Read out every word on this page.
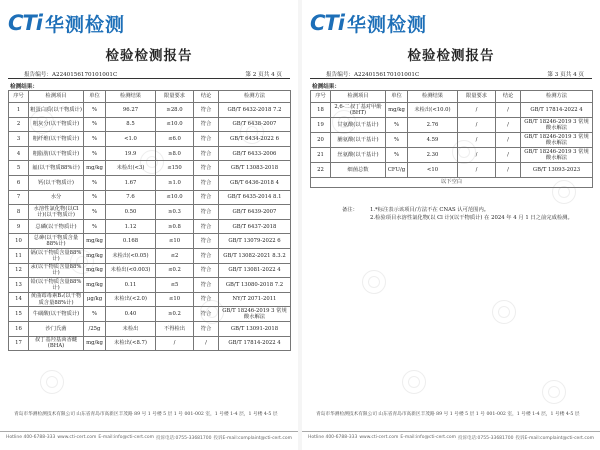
CTi 华测检测
检验检测报告
报告编号：A2240156170101001C	第 2 页共 4 页
检测结果：
序号	检测项目	单位	检测结果	限量要求	结论	检测方法
1	粗蛋白质(以干物质计)	%	96.27	≥28.0	符合	GB/T 6432-2018 7.2
2	粗灰分(以干物质计)	%	8.5	≤10.0	符合	GB/T 6438-2007
3	粗纤维(以干物质计)	%	<1.0	≤6.0	符合	GB/T 6434-2022 6
4	粗脂肪(以干物质计)	%	19.9	≥8.0	符合	GB/T 6433-2006
5	氟(以干物质88%计)	mg/kg	未检出(<3)	≤150	符合	GB/T 13083-2018
6	钙(以干物质计)	%	1.67	≥1.0	符合	GB/T 6436-2018 4
7	水分	%	7.6	≤10.0	符合	GB/T 6435-2014 8.1
8	水溶性氯化物(以Cl计)(以干物质计)	%	0.50	≥0.3	符合	GB/T 6439-2007
9	总磷(以干物质计)	%	1.12	≥0.8	符合	GB/T 6437-2018
10	总砷(以干物质含量88%计)	mg/kg	0.168	≤10	符合	GB/T 13079-2022 6
11	镉(以干物质含量88%计)	mg/kg	未检出(<0.05)	≤2	符合	GB/T 13082-2021 8.3.2
12	汞(以干物质含量88%计)	mg/kg	未检出(<0.003)	≤0.2	符合	GB/T 13081-2022 4
13	铅(以干物质含量88%计)	mg/kg	0.11	≤5	符合	GB/T 13080-2018 7.2
14	黄曲霉毒素B₁(以干物质含量88%计)	μg/kg	未检出(<2.0)	≤10	符合	NY/T 2071-2011
15	牛磺酸(以干物质计)	%	0.40	≥0.2	符合	GB/T 18246-2019 3 常规酸水解法
16	沙门氏菌	/25g	未检出	不得检出	符合	GB/T 13091-2018
17	叔丁基羟基茴香醚(BHA)	mg/kg	未检出(<8.7)	/	/	GB/T 17814-2022 4
青岛市华测检测技术有限公司 山东省青岛市高新区丰茂路 89 号 1 号楼 5 层 1 号 001-002 室，1 号楼 1-4 层，1 号楼 4-5 层
Hotline 400-6788-333 www.cti-cert.com E-mail:info@cti-cert.com 投诉电话:0755-33681700 投诉E-mail:complaint@cti-cert.com
CTi 华测检测
检验检测报告
报告编号：A2240156170101001C	第 3 页共 4 页
检测结果：
序号	检测项目	单位	检测结果	限量要求	结论	检测方法
18	2,6-二叔丁基对甲酚(BHT)	mg/kg	未检出(<10.0)	/	/	GB/T 17814-2022 4
19	甘氨酸(以干基计)	%	2.76	/	/	GB/T 18246-2019 3 常规酸水解法
20	脯氨酸(以干基计)	%	4.59	/	/	GB/T 18246-2019 3 常规酸水解法
21	丝氨酸(以干基计)	%	2.30	/	/	GB/T 18246-2019 3 常规酸水解法
22	细菌总数	CFU/g	<10	/	/	GB/T 13093-2023
以下空白						
备注： 1.*标注表示该项目/方法不在 CNAS 认可范围内。
2.检验项目水溶性氯化物(以 Cl 计)(以干物质计) 在 2024 年 4 月 1 日之前完成检测。
青岛市华测检测技术有限公司 山东省青岛市高新区丰茂路 89 号 1 号楼 5 层 1 号 001-002 室，1 号楼 1-4 层，1 号楼 4-5 层
Hotline 400-6788-333 www.cti-cert.com E-mail:info@cti-cert.com 投诉电话:0755-33681700 投诉E-mail:complaint@cti-cert.com
